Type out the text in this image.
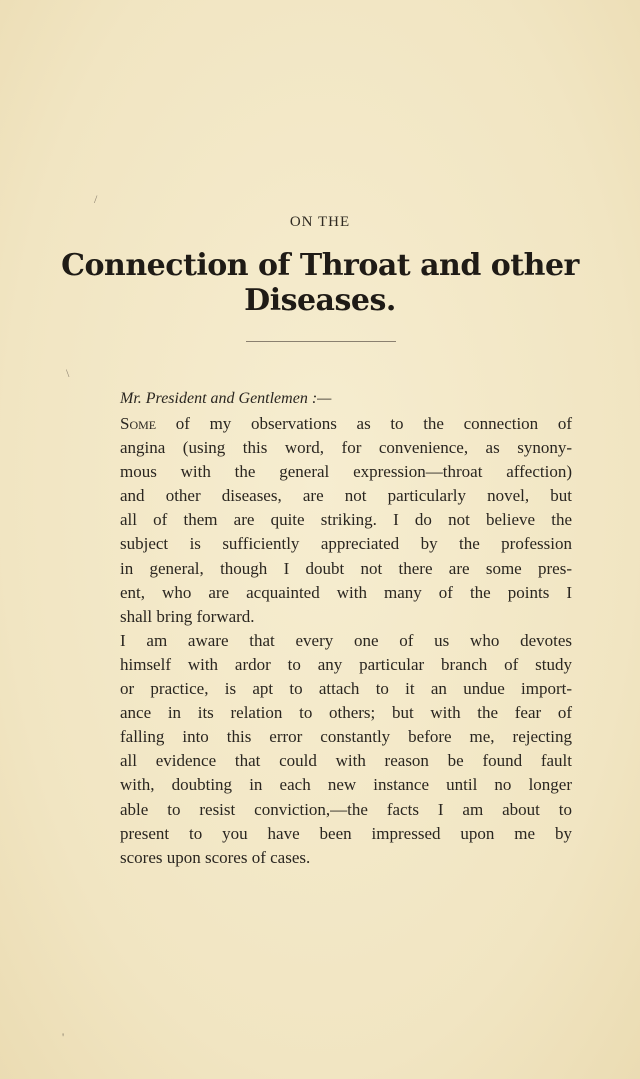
/
\
'
ON THE
Connection of Throat and other Diseases.
Mr. President and Gentlemen :—

Some of my observations as to the connection of
angina (using this word, for convenience, as synony-
mous with the general expression—throat affection)
and other diseases, are not particularly novel, but
all of them are quite striking. I do not believe the
subject is sufficiently appreciated by the profession
in general, though I doubt not there are some pres-
ent, who are acquainted with many of the points I
shall bring forward.

I am aware that every one of us who devotes
himself with ardor to any particular branch of study
or practice, is apt to attach to it an undue import-
ance in its relation to others; but with the fear of
falling into this error constantly before me, rejecting
all evidence that could with reason be found fault
with, doubting in each new instance until no longer
able to resist conviction,—the facts I am about to
present to you have been impressed upon me by
scores upon scores of cases.
